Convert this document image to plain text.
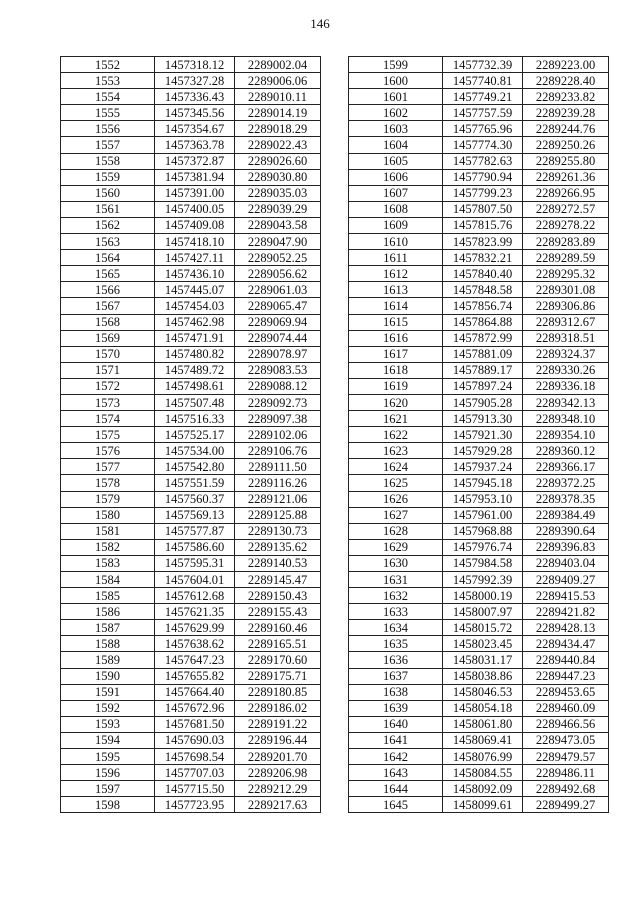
146
1552	1457318.12	2289002.04
1553	1457327.28	2289006.06
1554	1457336.43	2289010.11
1555	1457345.56	2289014.19
1556	1457354.67	2289018.29
1557	1457363.78	2289022.43
1558	1457372.87	2289026.60
1559	1457381.94	2289030.80
1560	1457391.00	2289035.03
1561	1457400.05	2289039.29
1562	1457409.08	2289043.58
1563	1457418.10	2289047.90
1564	1457427.11	2289052.25
1565	1457436.10	2289056.62
1566	1457445.07	2289061.03
1567	1457454.03	2289065.47
1568	1457462.98	2289069.94
1569	1457471.91	2289074.44
1570	1457480.82	2289078.97
1571	1457489.72	2289083.53
1572	1457498.61	2289088.12
1573	1457507.48	2289092.73
1574	1457516.33	2289097.38
1575	1457525.17	2289102.06
1576	1457534.00	2289106.76
1577	1457542.80	2289111.50
1578	1457551.59	2289116.26
1579	1457560.37	2289121.06
1580	1457569.13	2289125.88
1581	1457577.87	2289130.73
1582	1457586.60	2289135.62
1583	1457595.31	2289140.53
1584	1457604.01	2289145.47
1585	1457612.68	2289150.43
1586	1457621.35	2289155.43
1587	1457629.99	2289160.46
1588	1457638.62	2289165.51
1589	1457647.23	2289170.60
1590	1457655.82	2289175.71
1591	1457664.40	2289180.85
1592	1457672.96	2289186.02
1593	1457681.50	2289191.22
1594	1457690.03	2289196.44
1595	1457698.54	2289201.70
1596	1457707.03	2289206.98
1597	1457715.50	2289212.29
1598	1457723.95	2289217.63
1599	1457732.39	2289223.00
1600	1457740.81	2289228.40
1601	1457749.21	2289233.82
1602	1457757.59	2289239.28
1603	1457765.96	2289244.76
1604	1457774.30	2289250.26
1605	1457782.63	2289255.80
1606	1457790.94	2289261.36
1607	1457799.23	2289266.95
1608	1457807.50	2289272.57
1609	1457815.76	2289278.22
1610	1457823.99	2289283.89
1611	1457832.21	2289289.59
1612	1457840.40	2289295.32
1613	1457848.58	2289301.08
1614	1457856.74	2289306.86
1615	1457864.88	2289312.67
1616	1457872.99	2289318.51
1617	1457881.09	2289324.37
1618	1457889.17	2289330.26
1619	1457897.24	2289336.18
1620	1457905.28	2289342.13
1621	1457913.30	2289348.10
1622	1457921.30	2289354.10
1623	1457929.28	2289360.12
1624	1457937.24	2289366.17
1625	1457945.18	2289372.25
1626	1457953.10	2289378.35
1627	1457961.00	2289384.49
1628	1457968.88	2289390.64
1629	1457976.74	2289396.83
1630	1457984.58	2289403.04
1631	1457992.39	2289409.27
1632	1458000.19	2289415.53
1633	1458007.97	2289421.82
1634	1458015.72	2289428.13
1635	1458023.45	2289434.47
1636	1458031.17	2289440.84
1637	1458038.86	2289447.23
1638	1458046.53	2289453.65
1639	1458054.18	2289460.09
1640	1458061.80	2289466.56
1641	1458069.41	2289473.05
1642	1458076.99	2289479.57
1643	1458084.55	2289486.11
1644	1458092.09	2289492.68
1645	1458099.61	2289499.27
